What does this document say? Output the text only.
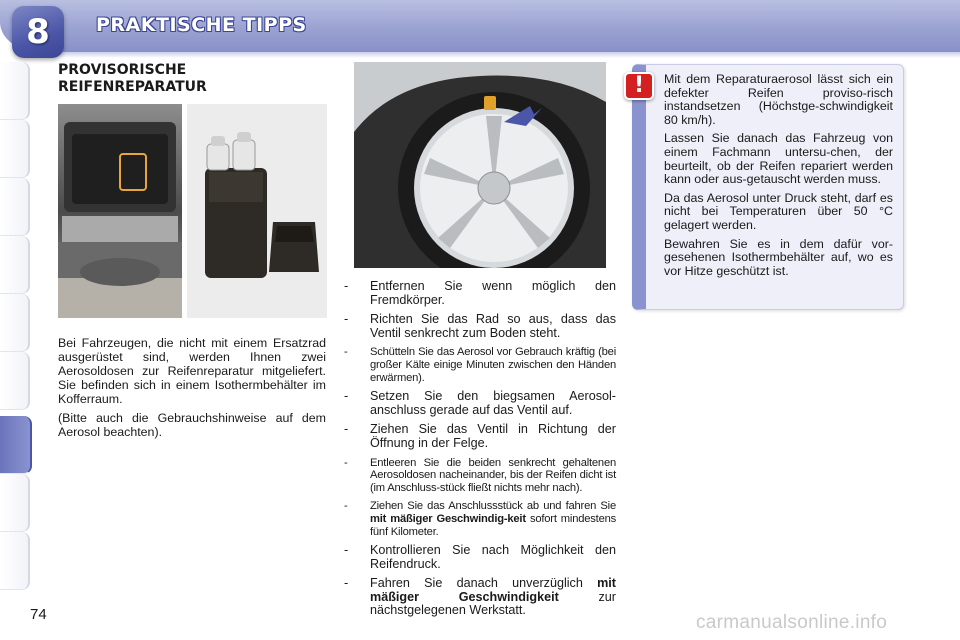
8	PRAKTISCHE TIPPS
PROVISORISCHE
REIFENREPARATUR

Bei Fahrzeugen, die nicht mit einem Ersatzrad ausgerüstet sind, werden Ihnen zwei Aerosoldosen zur Reifenreparatur mitgeliefert. Sie befinden sich in einem Isothermbehälter im Kofferraum.

(Bitte auch die Gebrauchshinweise auf dem Aerosol beachten).

- Entfernen Sie wenn möglich den Fremdkörper.
- Richten Sie das Rad so aus, dass das Ventil senkrecht zum Boden steht.
- Schütteln Sie das Aerosol vor Gebrauch kräftig (bei großer Kälte einige Minuten zwischen den Händen erwärmen).
- Setzen Sie den biegsamen Aerosol-anschluss gerade auf das Ventil auf.
- Ziehen Sie das Ventil in Richtung der Öffnung in der Felge.
- Entleeren Sie die beiden senkrecht gehaltenen Aerosoldosen nacheinander, bis der Reifen dicht ist (im Anschluss-stück fließt nichts mehr nach).
- Ziehen Sie das Anschlussstück ab und fahren Sie mit mäßiger Geschwindig-keit sofort mindestens fünf Kilometer.
- Kontrollieren Sie nach Möglichkeit den Reifendruck.
- Fahren Sie danach unverzüglich mit mäßiger Geschwindigkeit zur nächstgelegenen Werkstatt.

Mit dem Reparaturaerosol lässt sich ein defekter Reifen proviso-risch instandsetzen (Höchstge-schwindigkeit 80 km/h).

Lassen Sie danach das Fahrzeug von einem Fachmann untersu-chen, der beurteilt, ob der Reifen repariert werden kann oder aus-getauscht werden muss.

Da das Aerosol unter Druck steht, darf es nicht bei Temperaturen über 50 °C gelagert werden.

Bewahren Sie es in dem dafür vor-gesehenen Isothermbehälter auf, wo es vor Hitze geschützt ist.

!
74	carmanualsonline.info
